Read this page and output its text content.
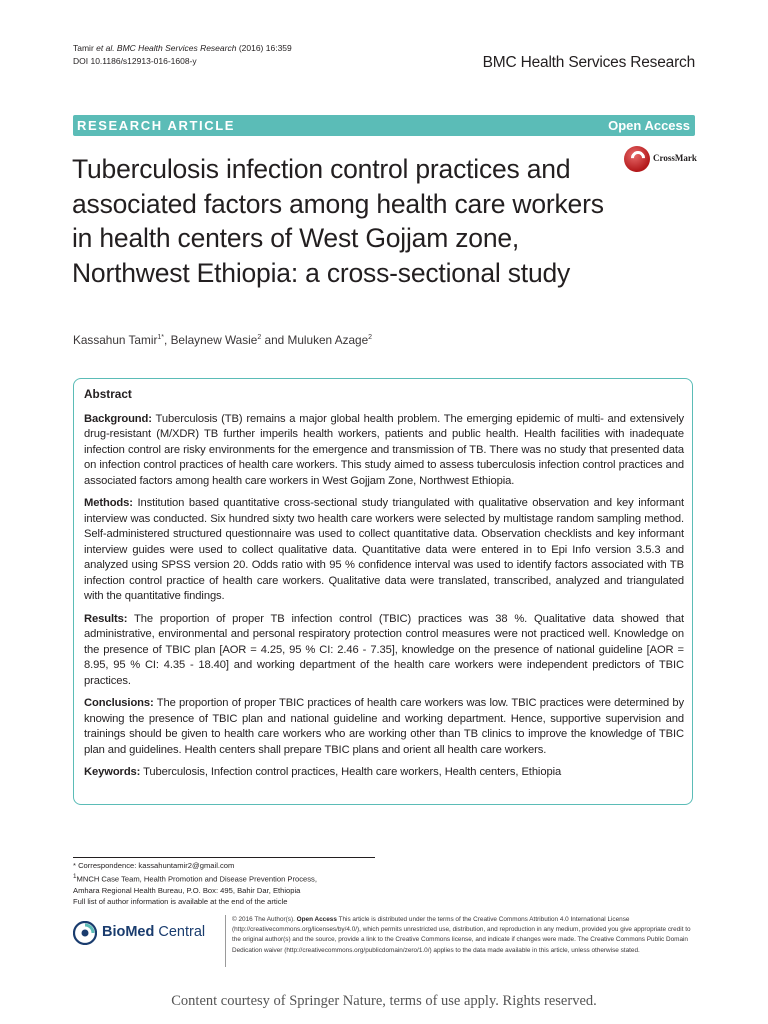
Tamir et al. BMC Health Services Research (2016) 16:359
DOI 10.1186/s12913-016-1608-y	BMC Health Services Research
RESEARCH ARTICLE	Open Access
Tuberculosis infection control practices and associated factors among health care workers in health centers of West Gojjam zone, Northwest Ethiopia: a cross-sectional study
CrossMark
Kassahun Tamir$^{1*}$, Belaynew Wasie$^2$ and Muluken Azage$^2$
Abstract

Background: Tuberculosis (TB) remains a major global health problem. The emerging epidemic of multi- and extensively drug-resistant (M/XDR) TB further imperils health workers, patients and public health. Health facilities with inadequate infection control are risky environments for the emergence and transmission of TB. There was no study that presented data on infection control practices of health care workers. This study aimed to assess tuberculosis infection control practices and associated factors among health care workers in West Gojjam Zone, Northwest Ethiopia.

Methods: Institution based quantitative cross-sectional study triangulated with qualitative observation and key informant interview was conducted. Six hundred sixty two health care workers were selected by multistage random sampling method. Self-administered structured questionnaire was used to collect quantitative data. Observation checklists and key informant interview guides were used to collect qualitative data. Quantitative data were entered in to Epi Info version 3.5.3 and analyzed using SPSS version 20. Odds ratio with 95 % confidence interval was used to identify factors associated with TB infection control practice of health care workers. Qualitative data were translated, transcribed, analyzed and triangulated with the quantitative findings.

Results: The proportion of proper TB infection control (TBIC) practices was 38 %. Qualitative data showed that administrative, environmental and personal respiratory protection control measures were not practiced well. Knowledge on the presence of TBIC plan [AOR = 4.25, 95 % CI: 2.46 - 7.35], knowledge on the presence of national guideline [AOR = 8.95, 95 % CI: 4.35 - 18.40] and working department of the health care workers were independent predictors of TBIC practices.

Conclusions: The proportion of proper TBIC practices of health care workers was low. TBIC practices were determined by knowing the presence of TBIC plan and national guideline and working department. Hence, supportive supervision and trainings should be given to health care workers who are working other than TB clinics to improve the knowledge of TBIC plan and guidelines. Health centers shall prepare TBIC plans and orient all health care workers.

Keywords: Tuberculosis, Infection control practices, Health care workers, Health centers, Ethiopia

* Correspondence: kassahuntamir2@gmail.com
$^1$MNCH Case Team, Health Promotion and Disease Prevention Process,
Amhara Regional Health Bureau, P.O. Box: 495, Bahir Dar, Ethiopia
Full list of author information is available at the end of the article
BioMed Central
© 2016 The Author(s). Open Access This article is distributed under the terms of the Creative Commons Attribution 4.0 International License (http://creativecommons.org/licenses/by/4.0/), which permits unrestricted use, distribution, and reproduction in any medium, provided you give appropriate credit to the original author(s) and the source, provide a link to the Creative Commons license, and indicate if changes were made. The Creative Commons Public Domain Dedication waiver (http://creativecommons.org/publicdomain/zero/1.0/) applies to the data made available in this article, unless otherwise stated.
Content courtesy of Springer Nature, terms of use apply. Rights reserved.
